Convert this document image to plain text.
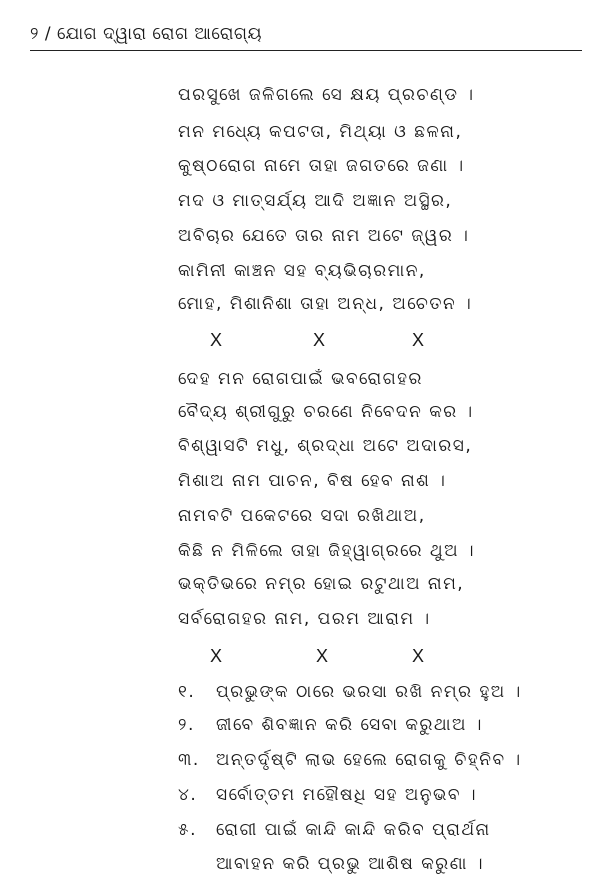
୨ / ଯୋଗ ଦ୍ୱାରା ରୋଗ ଆରୋଗ୍ୟ
ପରସୁଖେ ଜଳିଗଲେ ସେ କ୍ଷୟ ପ୍ରଚଣ୍ଡ ।
ମନ ମଧ୍ୟେ କପଟତା, ମିଥ୍ୟା ଓ ଛଳନା,
କୁଷ୍ଠରୋଗ ନାମେ ତାହା ଜଗତରେ ଜଣା ।
ମଦ ଓ ମାତ୍ସର୍ଯ୍ୟ ଆଦି ଅଜ୍ଞାନ ଅସ୍ଥିର,
ଅବିଚାର ଯେତେ ତାର ନାମ ଅଟେ ଜ୍ୱର ।
କାମିନୀ କାଞ୍ଚନ ସହ ବ୍ୟଭିଚାରମାନ,
ମୋହ, ମିଶାନିଶା ତାହା ଅନ୍ଧ, ଅଚେତନ ।
X	X	X
ଦେହ ମନ ରୋଗପାଇଁ ଭବରୋଗହର
ବୈଦ୍ୟ ଶ୍ରୀଗୁରୁ ଚରଣେ ନିବେଦନ କର ।
ବିଶ୍ୱାସଟି ମଧୁ, ଶ୍ରଦ୍ଧା ଅଟେ ଅଦାରସ,
ମିଶାଅ ନାମ ପାଚନ, ବିଷ ହେବ ନାଶ ।
ନାମବଟି ପକେଟରେ ସଦା ରଖିଥାଅ,
କିଛି ନ ମିଳିଲେ ତାହା ଜିହ୍ୱାଗ୍ରରେ ଥୁଅ ।
ଭକ୍ତିଭରେ ନମ୍ର ହୋଇ ରଟୁଥାଅ ନାମ,
ସର୍ବରୋଗହର ନାମ, ପରମ ଆରାମ ।
X	X	X
୧. ପ୍ରଭୁଙ୍କ ଠାରେ ଭରସା ରଖି ନମ୍ର ହୁଅ ।
୨. ଜୀବେ ଶିବଜ୍ଞାନ କରି ସେବା କରୁଥାଅ ।
୩. ଅନ୍ତର୍ଦୃଷ୍ଟି ଲାଭ ହେଲେ ରୋଗକୁ ଚିହ୍ନିବ ।
୪. ସର୍ବୋତ୍ତମ ମହୌଷଧି ସହ ଅନୁଭବ ।
୫. ରୋଗୀ ପାଇଁ କାନ୍ଦି କାନ୍ଦି କରିବ ପ୍ରାର୍ଥନା
ଆବାହନ କରି ପ୍ରଭୁ ଆଶିଷ କରୁଣା ।
